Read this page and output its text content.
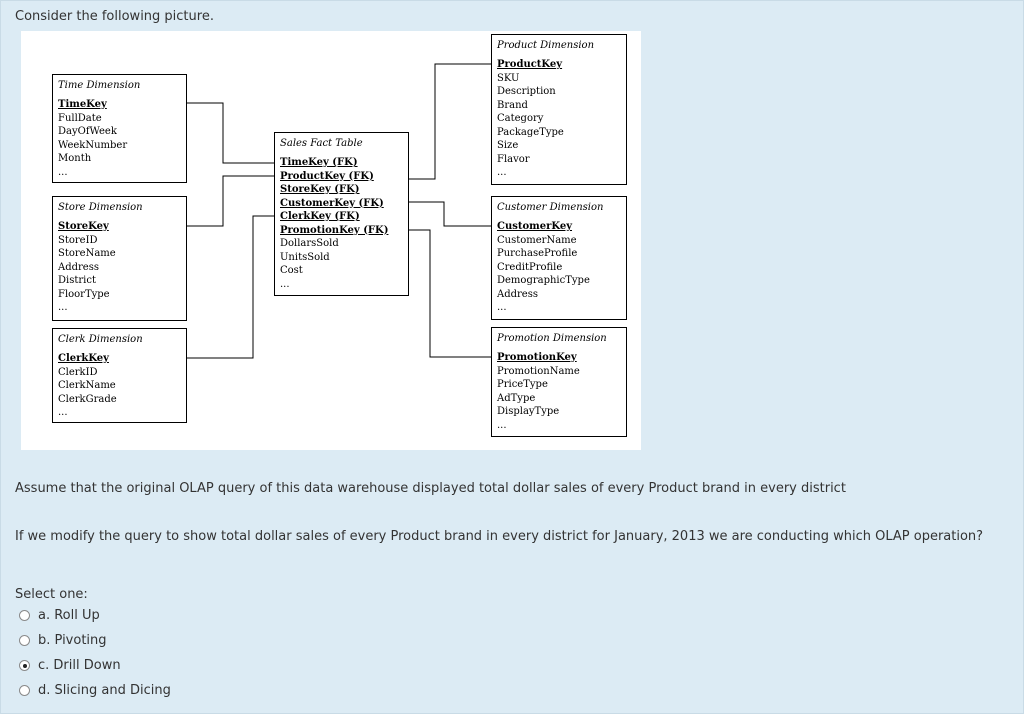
Consider the following picture.
Time Dimension
TimeKey
FullDate
DayOfWeek
WeekNumber
Month
...
Store Dimension
StoreKey
StoreID
StoreName
Address
District
FloorType
...
Clerk Dimension
ClerkKey
ClerkID
ClerkName
ClerkGrade
...
Sales Fact Table
TimeKey (FK)
ProductKey (FK)
StoreKey (FK)
CustomerKey (FK)
ClerkKey (FK)
PromotionKey (FK)
DollarsSold
UnitsSold
Cost
...
Product Dimension
ProductKey
SKU
Description
Brand
Category
PackageType
Size
Flavor
...
Customer Dimension
CustomerKey
CustomerName
PurchaseProfile
CreditProfile
DemographicType
Address
...
Promotion Dimension
PromotionKey
PromotionName
PriceType
AdType
DisplayType
...
Assume that the original OLAP query of this data warehouse displayed total dollar sales of every Product brand in every district
If we modify the query to show total dollar sales of every Product brand in every district for January, 2013 we are conducting which OLAP operation?
Select one:
a. Roll Up
b. Pivoting
c. Drill Down
d. Slicing and Dicing
